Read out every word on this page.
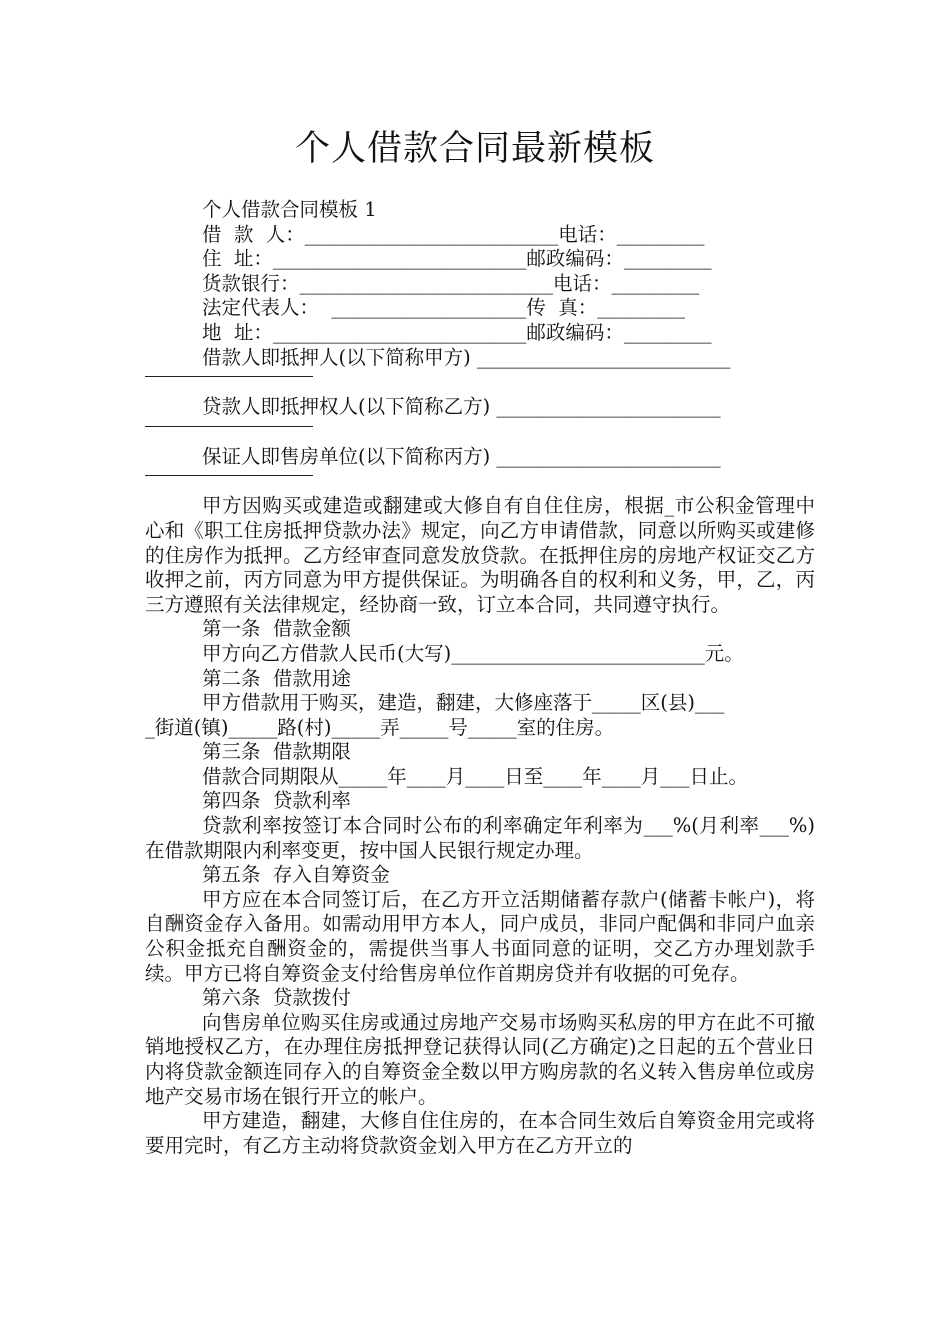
个人借款合同最新模板
个人借款合同模板 1
借  款  人：__________________________电话：_________
住  址：__________________________邮政编码：_________
货款银行：__________________________电话：_________
法定代表人：  ____________________传  真：_________
地  址：__________________________邮政编码：_________
借款人即抵押人(以下简称甲方) __________________________
贷款人即抵押权人(以下简称乙方) _______________________
保证人即售房单位(以下简称丙方) _______________________
甲方因购买或建造或翻建或大修自有自住住房，根据_市公积金管理中心和《职工住房抵押贷款办法》规定，向乙方申请借款，同意以所购买或建修的住房作为抵押。乙方经审查同意发放贷款。在抵押住房的房地产权证交乙方收押之前，丙方同意为甲方提供保证。为明确各自的权利和义务，甲，乙，丙三方遵照有关法律规定，经协商一致，订立本合同，共同遵守执行。
第一条  借款金额
甲方向乙方借款人民币(大写)__________________________元。
第二条  借款用途
甲方借款用于购买，建造，翻建，大修座落于_____区(县)___
_街道(镇)_____路(村)_____弄_____号_____室的住房。
第三条  借款期限
借款合同期限从_____年____月____日至____年____月___日止。
第四条  贷款利率
贷款利率按签订本合同时公布的利率确定年利率为___%(月利率___%)在借款期限内利率变更，按中国人民银行规定办理。
第五条  存入自筹资金
甲方应在本合同签订后，在乙方开立活期储蓄存款户(储蓄卡帐户)，将自酬资金存入备用。如需动用甲方本人，同户成员，非同户配偶和非同户血亲公积金抵充自酬资金的，需提供当事人书面同意的证明，交乙方办理划款手续。甲方已将自筹资金支付给售房单位作首期房贷并有收据的可免存。
第六条  贷款拨付
向售房单位购买住房或通过房地产交易市场购买私房的甲方在此不可撤销地授权乙方，在办理住房抵押登记获得认同(乙方确定)之日起的五个营业日内将贷款金额连同存入的自筹资金全数以甲方购房款的名义转入售房单位或房地产交易市场在银行开立的帐户。
甲方建造，翻建，大修自住住房的，在本合同生效后自筹资金用完或将要用完时，有乙方主动将贷款资金划入甲方在乙方开立的
